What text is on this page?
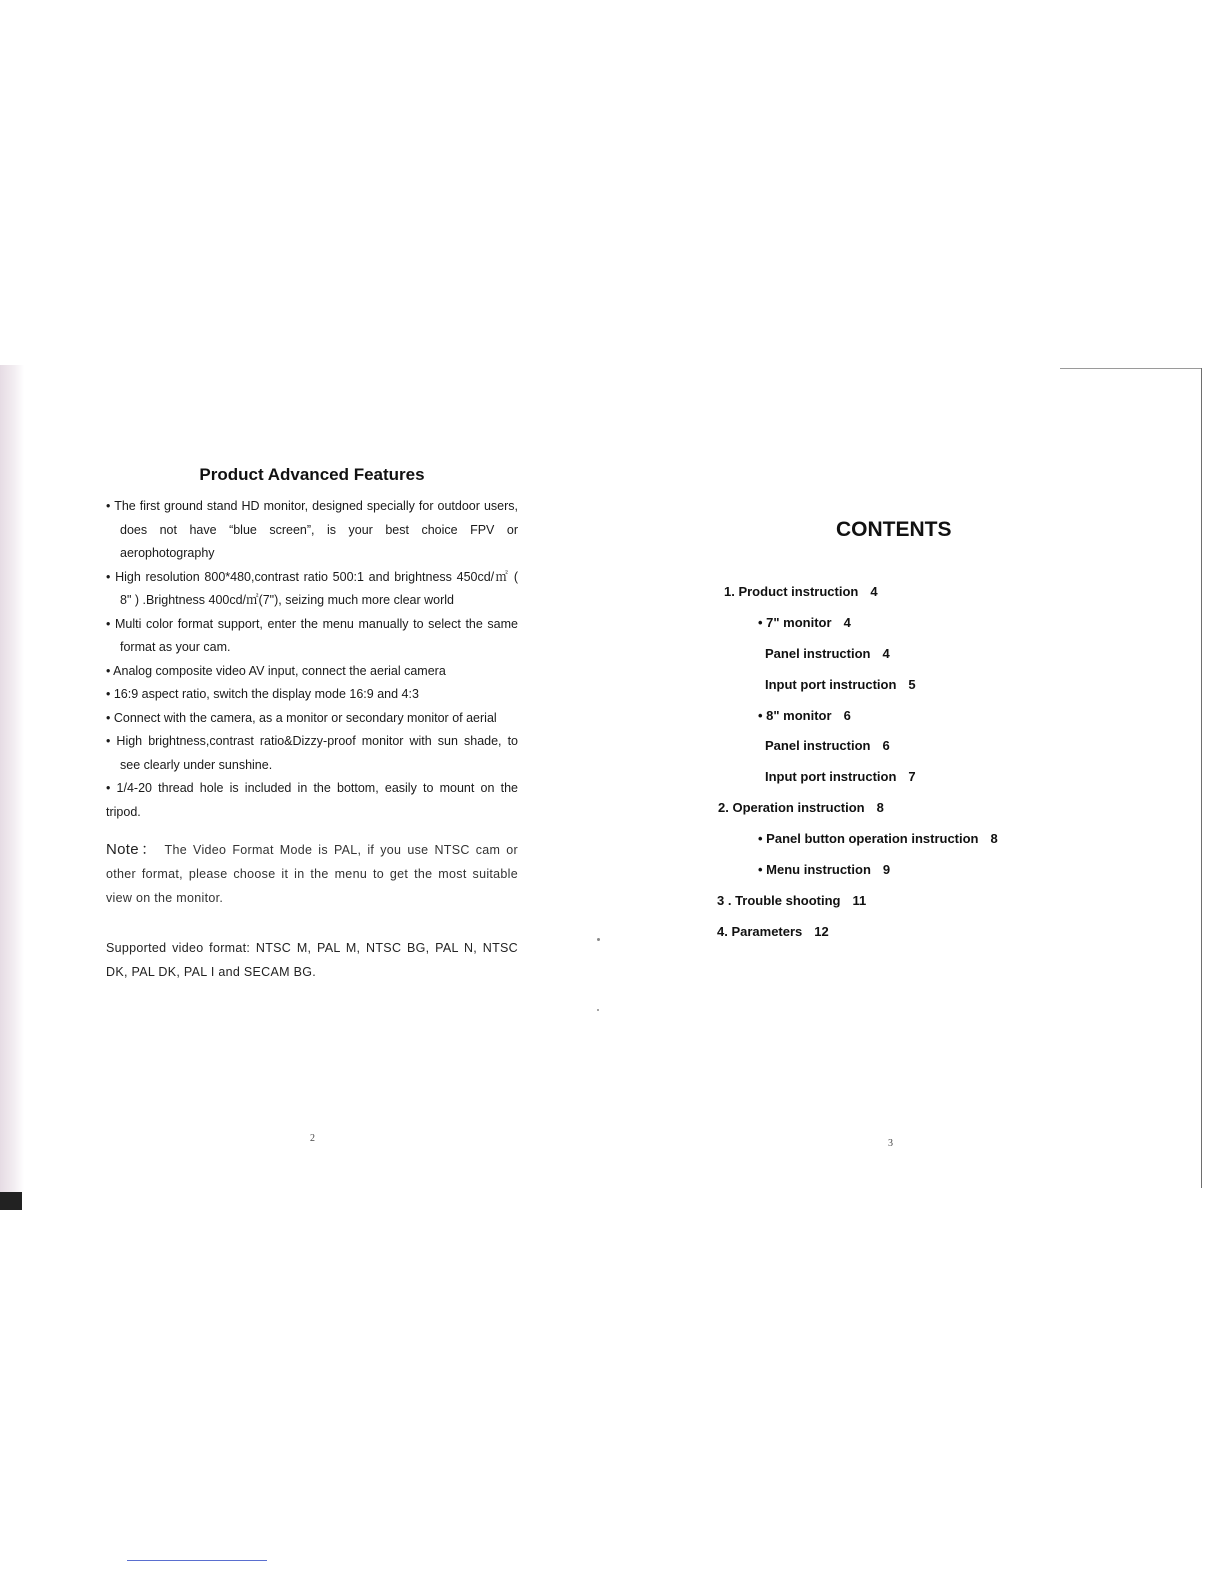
Product Advanced Features
• The first ground stand HD monitor, designed specially for outdoor users, does not have “blue screen”, is your best choice FPV or aerophotography
• High resolution 800*480,contrast ratio 500:1 and brightness 450cd/㎡ ( 8" ) .Brightness 400cd/㎡(7"), seizing much more clear world
• Multi color format support, enter the menu manually to select the same format as your cam.
• Analog composite video AV input, connect the aerial camera
• 16:9 aspect ratio, switch the display mode 16:9 and 4:3
• Connect with the camera, as a monitor or secondary monitor of aerial
• High brightness,contrast ratio&Dizzy-proof monitor with sun shade, to see clearly under sunshine.
• 1/4-20 thread hole is included in the bottom, easily to mount on the tripod.

Note： The Video Format Mode is PAL, if you use NTSC cam or other format, please choose it in the menu to get the most suitable view on the monitor.

Supported video format: NTSC M, PAL M, NTSC BG, PAL N, NTSC DK, PAL DK, PAL I and SECAM BG.

2
CONTENTS
1. Product instruction 4
• 7" monitor 4
Panel instruction 4
Input port instruction 5
• 8" monitor 6
Panel instruction 6
Input port instruction 7
2. Operation instruction 8
• Panel button operation instruction 8
• Menu instruction 9
3 . Trouble shooting 11
4. Parameters 12
3
